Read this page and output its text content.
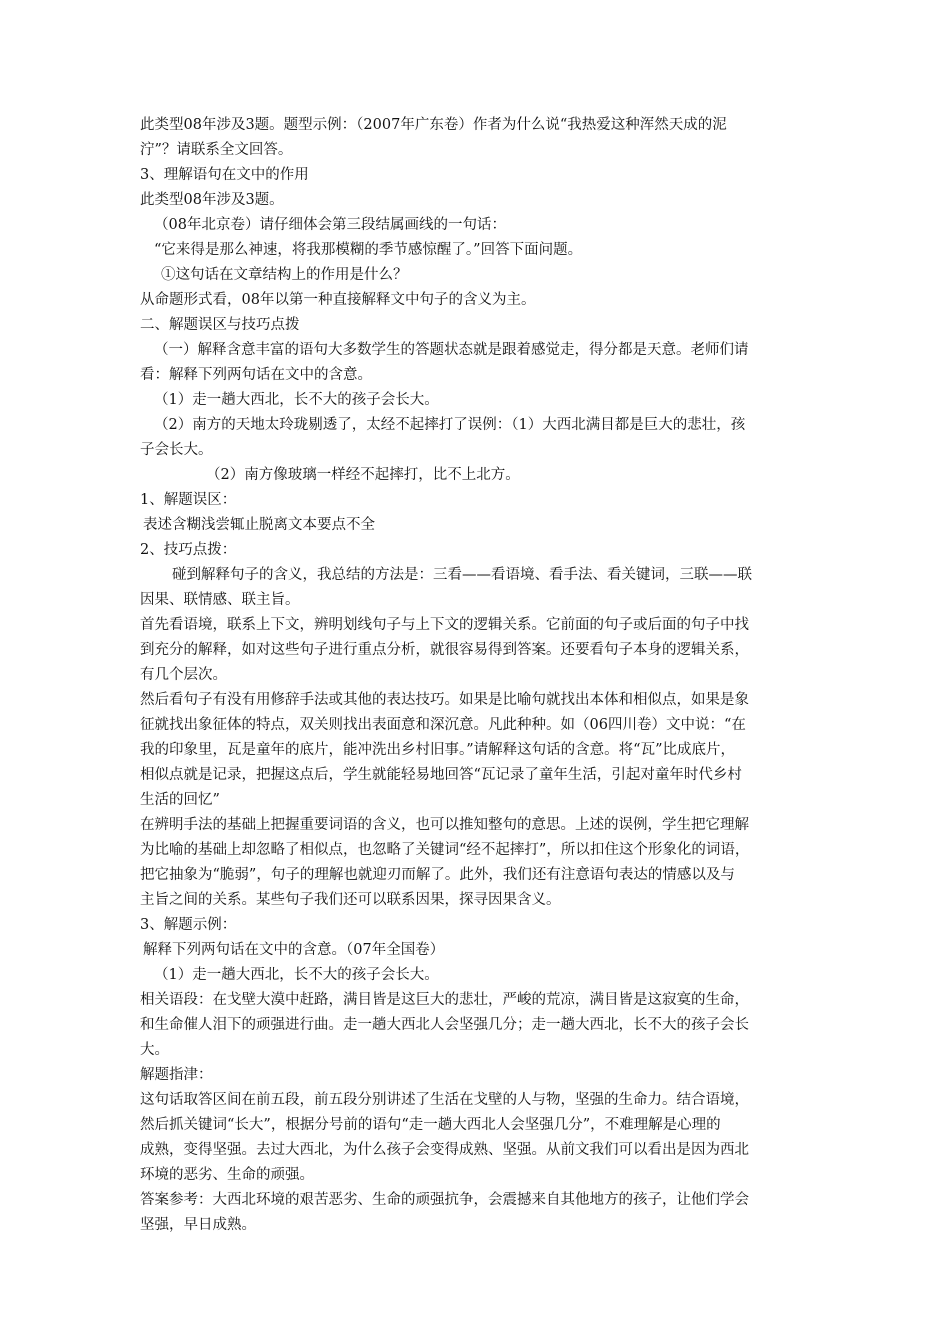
此类型08年涉及3题。题型示例：（2007年广东卷）作者为什么说“我热爱这种浑然天成的泥
泞”？请联系全文回答。
3、理解语句在文中的作用
此类型08年涉及3题。
（08年北京卷）请仔细体会第三段结属画线的一句话：
“它来得是那么神速，将我那模糊的季节感惊醒了。”回答下面问题。
①这句话在文章结构上的作用是什么？
从命题形式看，08年以第一种直接解释文中句子的含义为主。
二、解题误区与技巧点拨
（一）解释含意丰富的语句大多数学生的答题状态就是跟着感觉走，得分都是天意。老师们请
看：解释下列两句话在文中的含意。
（1）走一趟大西北，长不大的孩子会长大。
（2）南方的天地太玲珑剔透了，太经不起摔打了误例：（1）大西北满目都是巨大的悲壮，孩
子会长大。
（2）南方像玻璃一样经不起摔打，比不上北方。
1、解题误区：
表述含糊浅尝辄止脱离文本要点不全
2、技巧点拨：
碰到解释句子的含义，我总结的方法是：三看——看语境、看手法、看关键词，三联——联
因果、联情感、联主旨。
首先看语境，联系上下文，辨明划线句子与上下文的逻辑关系。它前面的句子或后面的句子中找
到充分的解释，如对这些句子进行重点分析，就很容易得到答案。还要看句子本身的逻辑关系，
有几个层次。
然后看句子有没有用修辞手法或其他的表达技巧。如果是比喻句就找出本体和相似点，如果是象
征就找出象征体的特点，双关则找出表面意和深沉意。凡此种种。如（06四川卷）文中说：“在
我的印象里，瓦是童年的底片，能冲洗出乡村旧事。”请解释这句话的含意。将“瓦”比成底片，
相似点就是记录，把握这点后，学生就能轻易地回答“瓦记录了童年生活，引起对童年时代乡村
生活的回忆”
在辨明手法的基础上把握重要词语的含义，也可以推知整句的意思。上述的误例，学生把它理解
为比喻的基础上却忽略了相似点，也忽略了关键词“经不起摔打”，所以扣住这个形象化的词语，
把它抽象为“脆弱”，句子的理解也就迎刃而解了。此外，我们还有注意语句表达的情感以及与
主旨之间的关系。某些句子我们还可以联系因果，探寻因果含义。
3、解题示例：
解释下列两句话在文中的含意。（07年全国卷）
（1）走一趟大西北，长不大的孩子会长大。
相关语段：在戈壁大漠中赶路，满目皆是这巨大的悲壮，严峻的荒凉，满目皆是这寂寞的生命，
和生命催人泪下的顽强进行曲。走一趟大西北人会坚强几分；走一趟大西北，长不大的孩子会长
大。
解题指津：
这句话取答区间在前五段，前五段分别讲述了生活在戈壁的人与物，坚强的生命力。结合语境，
然后抓关键词“长大”，根据分号前的语句“走一趟大西北人会坚强几分”，不难理解是心理的
成熟，变得坚强。去过大西北，为什么孩子会变得成熟、坚强。从前文我们可以看出是因为西北
环境的恶劣、生命的顽强。
答案参考：大西北环境的艰苦恶劣、生命的顽强抗争，会震撼来自其他地方的孩子，让他们学会
坚强，早日成熟。
